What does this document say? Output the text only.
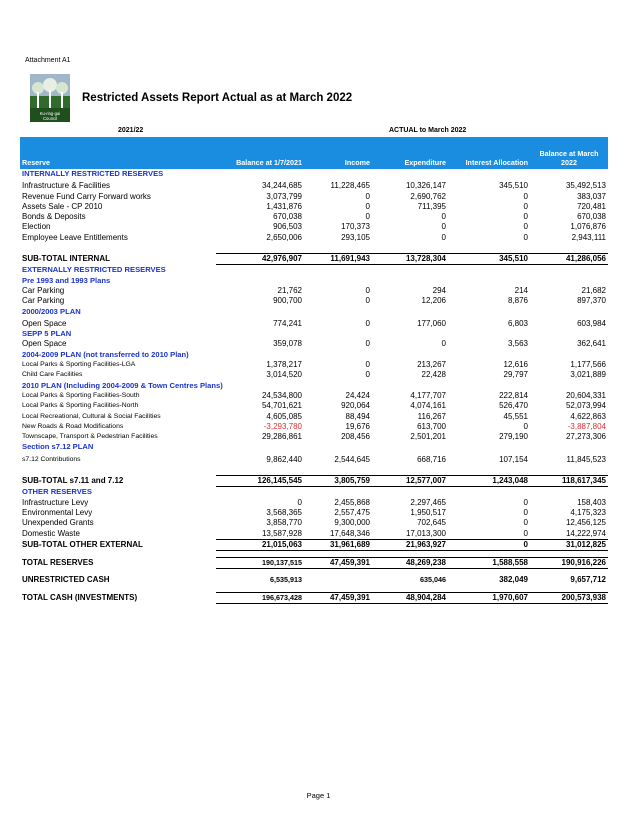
Attachment A1
Ku-ring-gai
Council
Restricted Assets Report Actual as at March 2022
2021/22	ACTUAL to March 2022
Reserve	Balance at 1/7/2021	Income	Expenditure	Interest Allocation	Balance at March 2022
INTERNALLY RESTRICTED RESERVES					

Infrastructure & Facilities	34,244,685	11,228,465	10,326,147	345,510	35,492,513
Revenue Fund Carry Forward works	3,073,799	0	2,690,762	0	383,037
Assets Sale - CP 2010	1,431,876	0	711,395	0	720,481
Bonds & Deposits	670,038	0	0	0	670,038
Election	906,503	170,373	0	0	1,076,876
Employee Leave Entitlements	2,650,006	293,105	0	0	2,943,111

SUB-TOTAL INTERNAL	42,976,907	11,691,943	13,728,304	345,510	41,286,056
EXTERNALLY RESTRICTED RESERVES					
Pre 1993 and 1993 Plans					
Car Parking	21,762	0	294	214	21,682
Car Parking	900,700	0	12,206	8,876	897,370
2000/2003 PLAN					

Open Space	774,241	0	177,060	6,803	603,984
SEPP 5 PLAN					
Open Space	359,078	0	0	3,563	362,641
2004-2009 PLAN (not transferred to 2010 Plan)					
Local Parks & Sporting Facilities-LGA	1,378,217	0	213,267	12,616	1,177,566
Child Care Facilities	3,014,520	0	22,428	29,797	3,021,889
2010 PLAN (Including 2004-2009 & Town Centres Plans)					
Local Parks & Sporting Facilities-South	24,534,800	24,424	4,177,707	222,814	20,604,331
Local Parks & Sporting Facilities-North	54,701,621	920,064	4,074,161	526,470	52,073,994
Local Recreational, Cultural & Social Facilities	4,605,085	88,494	116,267	45,551	4,622,863
New Roads & Road Modifications	-3,293,780	19,676	613,700	0	-3,887,804
Townscape, Transport & Pedestrian Facilities	29,286,861	208,456	2,501,201	279,190	27,273,306
Section s7.12 PLAN					

s7.12 Contributions	9,862,440	2,544,645	668,716	107,154	11,845,523

SUB-TOTAL s7.11 and 7.12	126,145,545	3,805,759	12,577,007	1,243,048	118,617,345
OTHER RESERVES					
Infrastructure Levy	0	2,455,868	2,297,465	0	158,403
Environmental Levy	3,568,365	2,557,475	1,950,517	0	4,175,323
Unexpended Grants	3,858,770	9,300,000	702,645	0	12,456,125
Domestic Waste	13,587,928	17,648,346	17,013,300	0	14,222,974
SUB-TOTAL OTHER EXTERNAL	21,015,063	31,961,689	21,963,927	0	31,012,825

TOTAL RESERVES	190,137,515	47,459,391	48,269,238	1,588,558	190,916,226

UNRESTRICTED CASH	6,535,913		635,046	382,049	9,657,712

TOTAL CASH (INVESTMENTS)	196,673,428	47,459,391	48,904,284	1,970,607	200,573,938
Page 1
